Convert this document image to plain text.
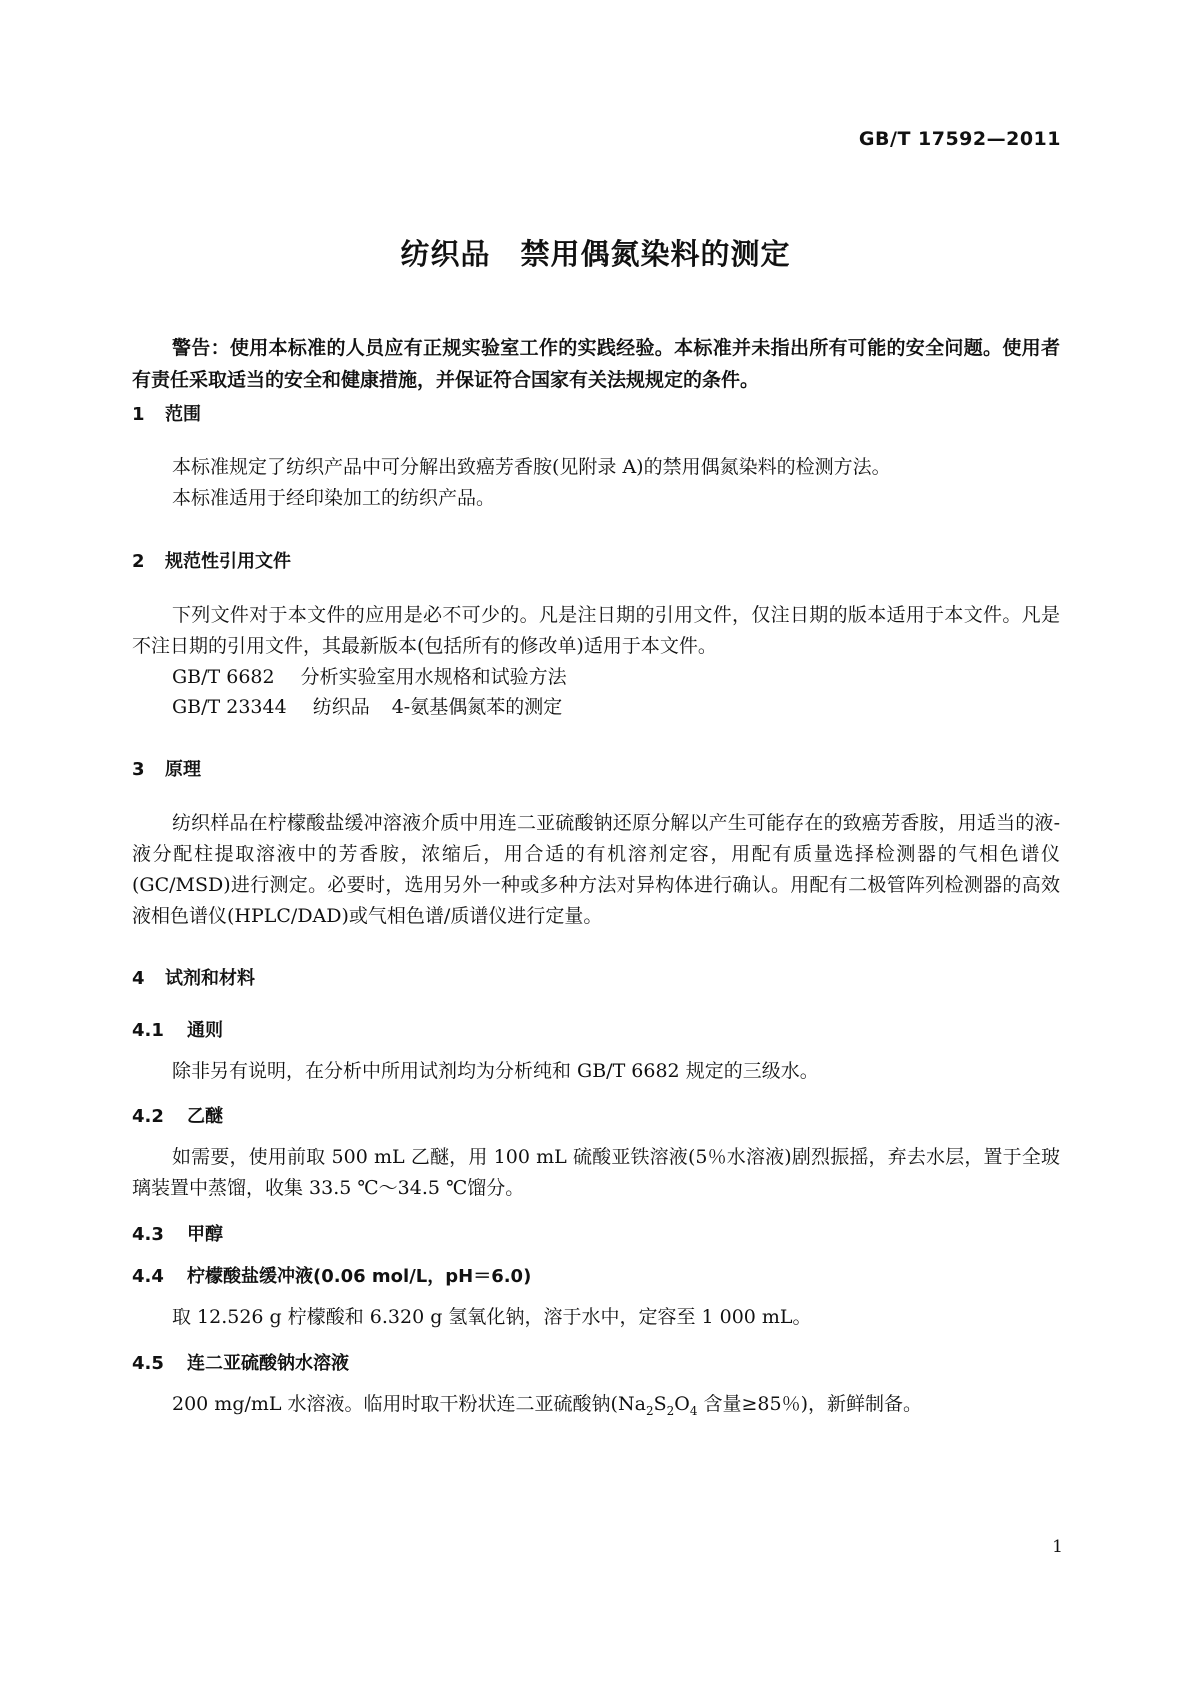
GB/T 17592—2011
纺织品 禁用偶氮染料的测定
警告：使用本标准的人员应有正规实验室工作的实践经验。本标准并未指出所有可能的安全问题。使用者有责任采取适当的安全和健康措施，并保证符合国家有关法规规定的条件。
1 范围
本标准规定了纺织产品中可分解出致癌芳香胺(见附录 A)的禁用偶氮染料的检测方法。
本标准适用于经印染加工的纺织产品。
2 规范性引用文件
下列文件对于本文件的应用是必不可少的。凡是注日期的引用文件，仅注日期的版本适用于本文件。凡是不注日期的引用文件，其最新版本(包括所有的修改单)适用于本文件。
GB/T 6682 分析实验室用水规格和试验方法
GB/T 23344 纺织品 4-氨基偶氮苯的测定
3 原理
纺织样品在柠檬酸盐缓冲溶液介质中用连二亚硫酸钠还原分解以产生可能存在的致癌芳香胺，用适当的液-液分配柱提取溶液中的芳香胺，浓缩后，用合适的有机溶剂定容，用配有质量选择检测器的气相色谱仪(GC/MSD)进行测定。必要时，选用另外一种或多种方法对异构体进行确认。用配有二极管阵列检测器的高效液相色谱仪(HPLC/DAD)或气相色谱/质谱仪进行定量。
4 试剂和材料
4.1 通则
除非另有说明，在分析中所用试剂均为分析纯和 GB/T 6682 规定的三级水。
4.2 乙醚
如需要，使用前取 500 mL 乙醚，用 100 mL 硫酸亚铁溶液(5％水溶液)剧烈振摇，弃去水层，置于全玻璃装置中蒸馏，收集 33.5 ℃～34.5 ℃馏分。
4.3 甲醇
4.4 柠檬酸盐缓冲液(0.06 mol/L，pH＝6.0)
取 12.526 g 柠檬酸和 6.320 g 氢氧化钠，溶于水中，定容至 1 000 mL。
4.5 连二亚硫酸钠水溶液
200 mg/mL 水溶液。临用时取干粉状连二亚硫酸钠($Na_2S_2O_4$ 含量≥85％)，新鲜制备。
1
